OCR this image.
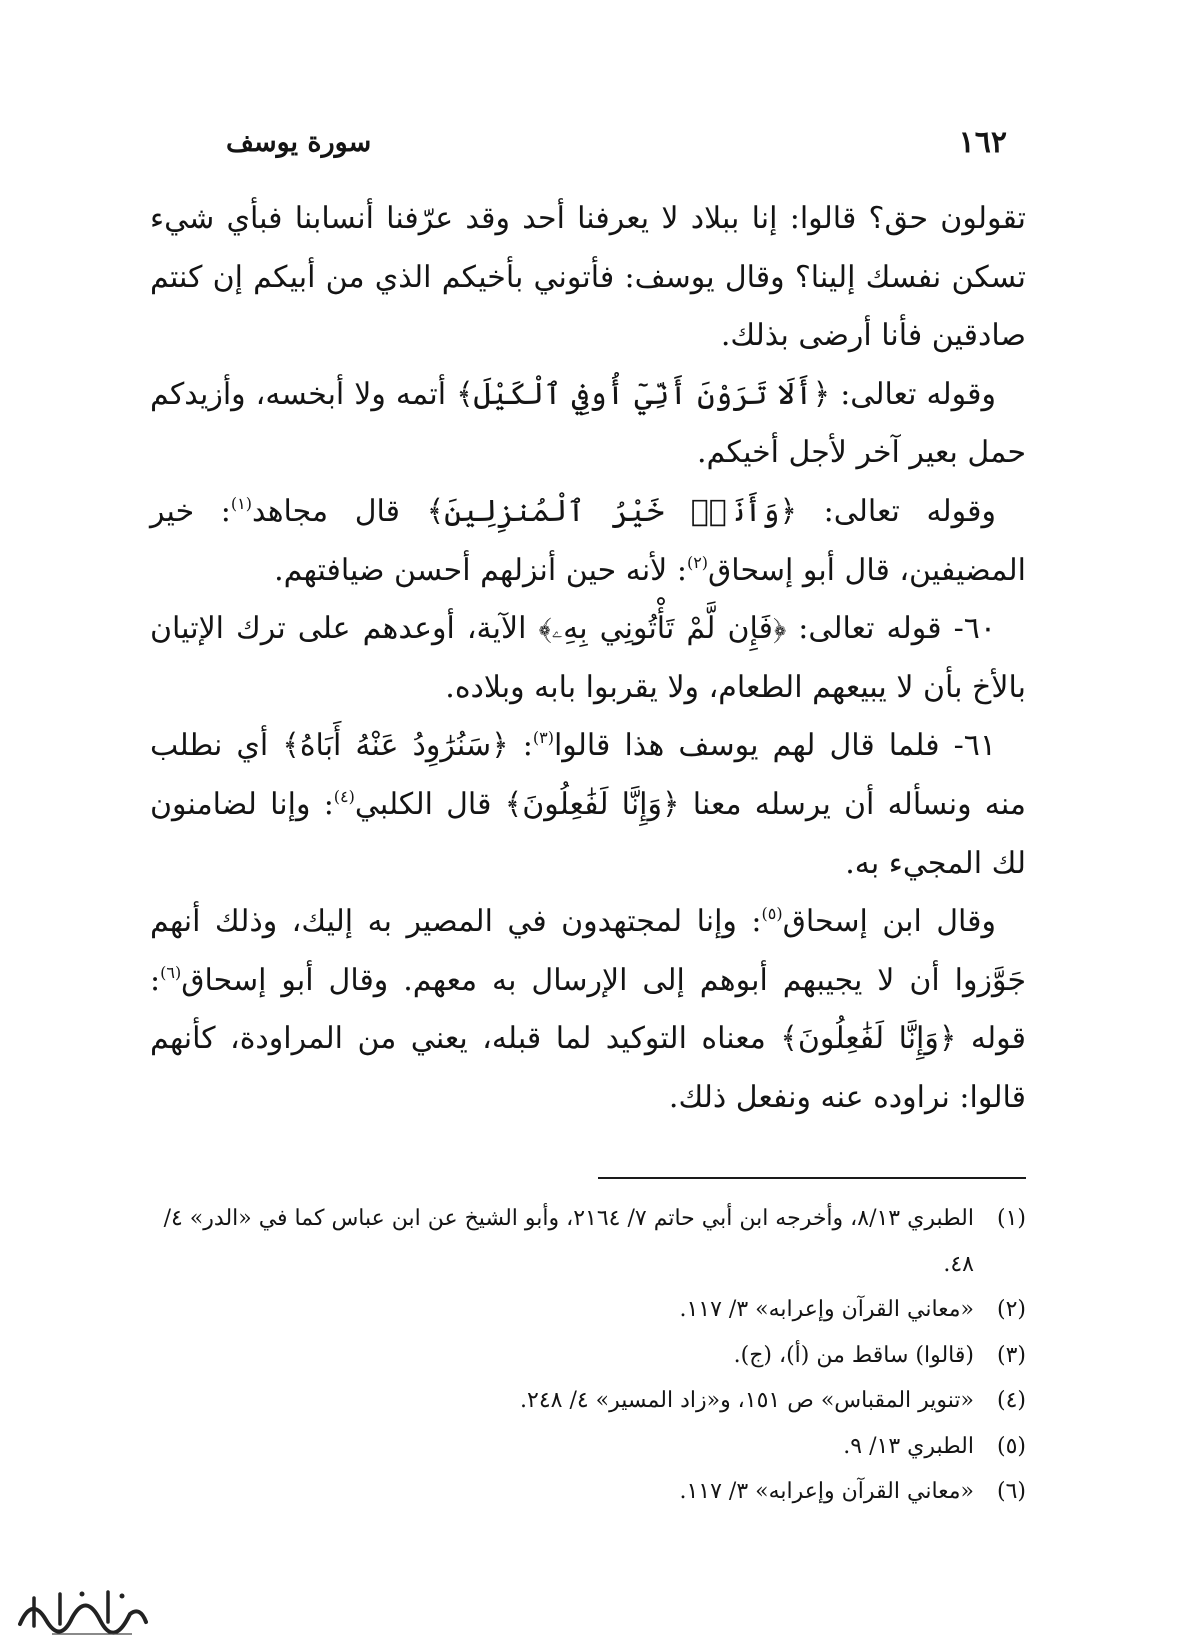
١٦٢
سورة يوسف

تقولون حق؟ قالوا: إنا ببلاد لا يعرفنا أحد وقد عرّفنا أنسابنا فبأي شيء تسكن نفسك إلينا؟ وقال يوسف: فأتوني بأخيكم الذي من أبيكم إن كنتم صادقين فأنا أرضى بذلك.

وقوله تعالى: ﴿أَلَا تَرَوْنَ أَنِّيٓ أُوفِي ٱلْكَيْلَ﴾ أتمه ولا أبخسه، وأزيدكم حمل بعير آخر لأجل أخيكم.

وقوله تعالى: ﴿وَأَنَا۠ خَيْرُ ٱلْمُنزِلِينَ﴾ قال مجاهد$^{(١)}$: خير المضيفين، قال أبو إسحاق$^{(٢)}$: لأنه حين أنزلهم أحسن ضيافتهم.

٦٠- قوله تعالى: ﴿فَإِن لَّمْ تَأْتُونِي بِهِۦ﴾ الآية، أوعدهم على ترك الإتيان بالأخ بأن لا يبيعهم الطعام، ولا يقربوا بابه وبلاده.

٦١- فلما قال لهم يوسف هذا قالوا$^{(٣)}$: ﴿سَنُرَٰوِدُ عَنْهُ أَبَاهُ﴾ أي نطلب منه ونسأله أن يرسله معنا ﴿وَإِنَّا لَفَٰعِلُونَ﴾ قال الكلبي$^{(٤)}$: وإنا لضامنون لك المجيء به.

وقال ابن إسحاق$^{(٥)}$: وإنا لمجتهدون في المصير به إليك، وذلك أنهم جَوَّزوا أن لا يجيبهم أبوهم إلى الإرسال به معهم. وقال أبو إسحاق$^{(٦)}$: قوله ﴿وَإِنَّا لَفَٰعِلُونَ﴾ معناه التوكيد لما قبله، يعني من المراودة، كأنهم قالوا: نراوده عنه ونفعل ذلك.

(١)
الطبري ٨/١٣، وأخرجه ابن أبي حاتم ٧/ ٢١٦٤، وأبو الشيخ عن ابن عباس كما في «الدر» ٤/ ٤٨.
(٢)
«معاني القرآن وإعرابه» ٣/ ١١٧.
(٣)
(قالوا) ساقط من (أ)، (ج).
(٤)
«تنوير المقباس» ص ١٥١، و«زاد المسير» ٤/ ٢٤٨.
(٥)
الطبري ١٣/ ٩.
(٦)
«معاني القرآن وإعرابه» ٣/ ١١٧.
